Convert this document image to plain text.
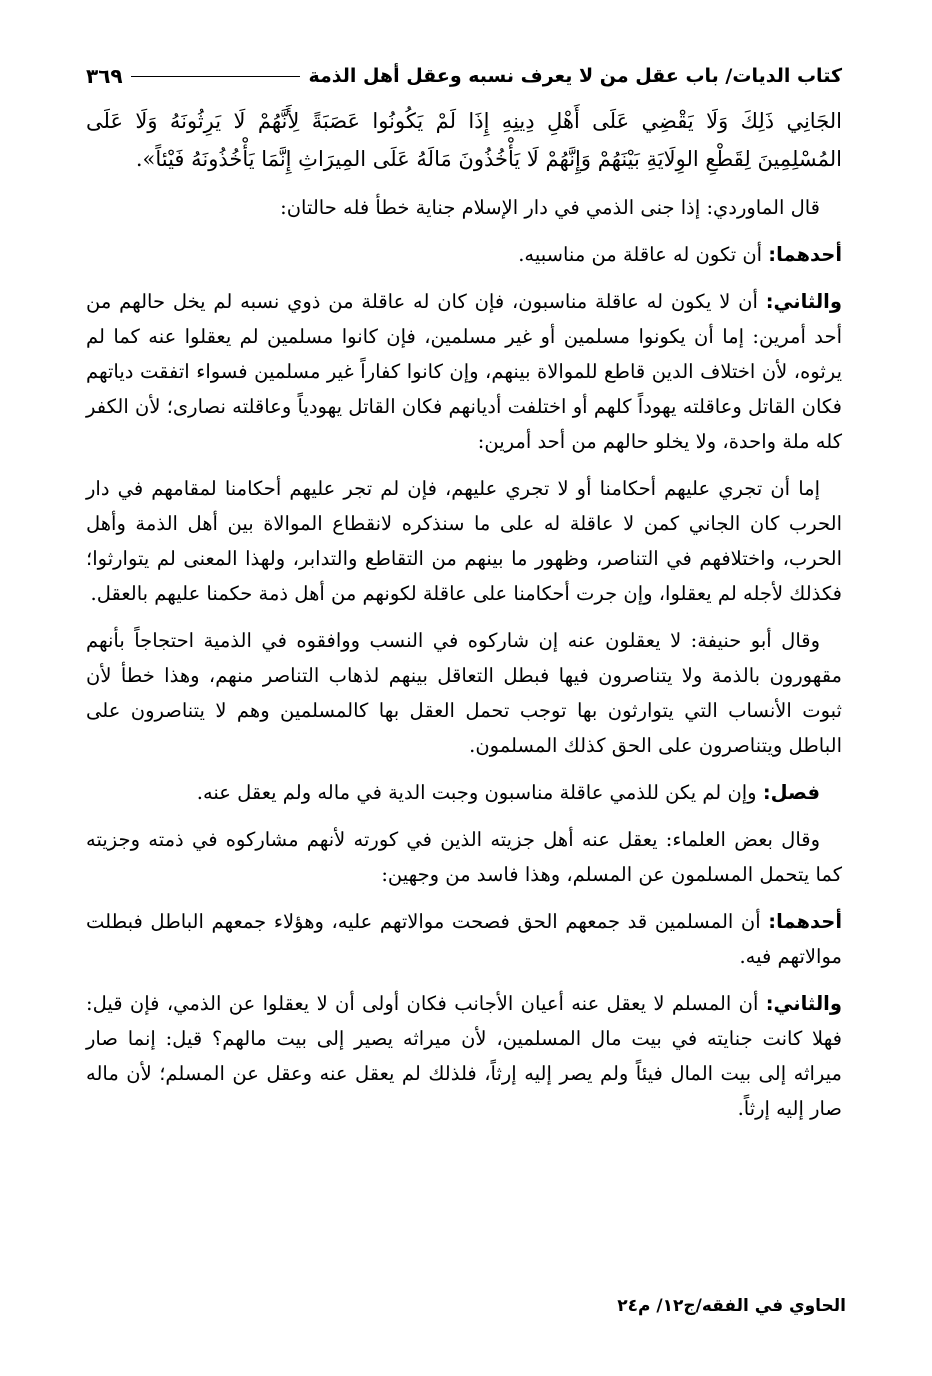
كتاب الديات/ باب عقل من لا يعرف نسبه وعقل أهل الذمة
٣٦٩

الجَانِي ذَلِكَ وَلَا يَقْضِي عَلَى أَهْلِ دِينِهِ إِذَا لَمْ يَكُونُوا عَصَبَةً لِأَنَّهُمْ لَا يَرِثُونَهُ وَلَا عَلَى المُسْلِمِينَ لِقَطْعِ الوِلَايَةِ بَيْنَهُمْ وَإِنَّهُمْ لَا يَأْخُذُونَ مَالَهُ عَلَى المِيرَاثِ إِنَّمَا يَأْخُذُونَهُ فَيْئاً».

قال الماوردي: إذا جنى الذمي في دار الإسلام جناية خطأ فله حالتان:

أحدهما: أن تكون له عاقلة من مناسبيه.

والثاني: أن لا يكون له عاقلة مناسبون، فإن كان له عاقلة من ذوي نسبه لم يخل حالهم من أحد أمرين: إما أن يكونوا مسلمين أو غير مسلمين، فإن كانوا مسلمين لم يعقلوا عنه كما لم يرثوه، لأن اختلاف الدين قاطع للموالاة بينهم، وإن كانوا كفاراً غير مسلمين فسواء اتفقت دياتهم فكان القاتل وعاقلته يهوداً كلهم أو اختلفت أديانهم فكان القاتل يهودياً وعاقلته نصارى؛ لأن الكفر كله ملة واحدة، ولا يخلو حالهم من أحد أمرين:

إما أن تجري عليهم أحكامنا أو لا تجري عليهم، فإن لم تجر عليهم أحكامنا لمقامهم في دار الحرب كان الجاني كمن لا عاقلة له على ما سنذكره لانقطاع الموالاة بين أهل الذمة وأهل الحرب، واختلافهم في التناصر، وظهور ما بينهم من التقاطع والتدابر، ولهذا المعنى لم يتوارثوا؛ فكذلك لأجله لم يعقلوا، وإن جرت أحكامنا على عاقلة لكونهم من أهل ذمة حكمنا عليهم بالعقل.

وقال أبو حنيفة: لا يعقلون عنه إن شاركوه في النسب ووافقوه في الذمية احتجاجاً بأنهم مقهورون بالذمة ولا يتناصرون فيها فبطل التعاقل بينهم لذهاب التناصر منهم، وهذا خطأ لأن ثبوت الأنساب التي يتوارثون بها توجب تحمل العقل بها كالمسلمين وهم لا يتناصرون على الباطل ويتناصرون على الحق كذلك المسلمون.

فصل: وإن لم يكن للذمي عاقلة مناسبون وجبت الدية في ماله ولم يعقل عنه.

وقال بعض العلماء: يعقل عنه أهل جزيته الذين في كورته لأنهم مشاركوه في ذمته وجزيته كما يتحمل المسلمون عن المسلم، وهذا فاسد من وجهين:

أحدهما: أن المسلمين قد جمعهم الحق فصحت موالاتهم عليه، وهؤلاء جمعهم الباطل فبطلت موالاتهم فيه.

والثاني: أن المسلم لا يعقل عنه أعيان الأجانب فكان أولى أن لا يعقلوا عن الذمي، فإن قيل: فهلا كانت جنايته في بيت مال المسلمين، لأن ميراثه يصير إلى بيت مالهم؟ قيل: إنما صار ميراثه إلى بيت المال فيئاً ولم يصر إليه إرثاً، فلذلك لم يعقل عنه وعقل عن المسلم؛ لأن ماله صار إليه إرثاً.

الحاوي في الفقه/ج١٢/ م٢٤
